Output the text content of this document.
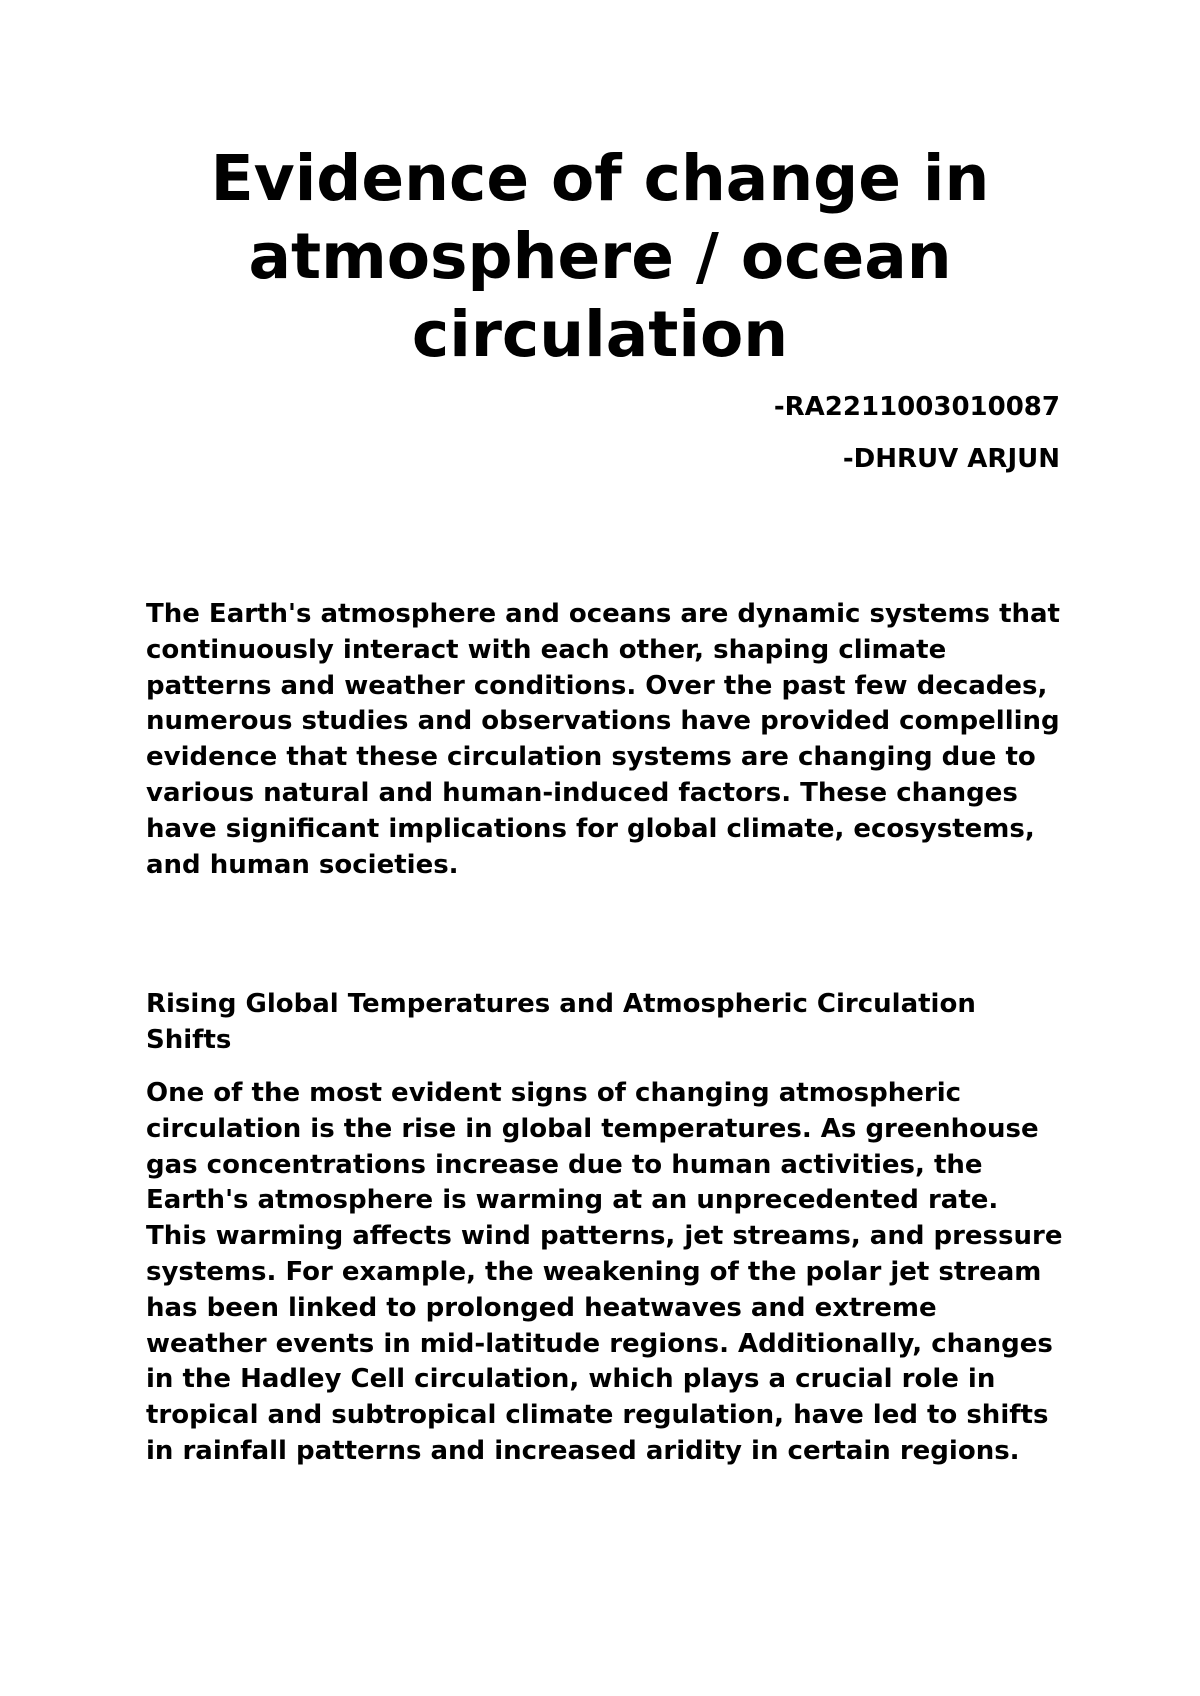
Evidence of change in atmosphere / ocean circulation

-RA2211003010087

-DHRUV ARJUN

The Earth's atmosphere and oceans are dynamic systems that continuously interact with each other, shaping climate patterns and weather conditions. Over the past few decades, numerous studies and observations have provided compelling evidence that these circulation systems are changing due to various natural and human-induced factors. These changes have significant implications for global climate, ecosystems, and human societies.

Rising Global Temperatures and Atmospheric Circulation Shifts

One of the most evident signs of changing atmospheric circulation is the rise in global temperatures. As greenhouse gas concentrations increase due to human activities, the Earth's atmosphere is warming at an unprecedented rate. This warming affects wind patterns, jet streams, and pressure systems. For example, the weakening of the polar jet stream has been linked to prolonged heatwaves and extreme weather events in mid-latitude regions. Additionally, changes in the Hadley Cell circulation, which plays a crucial role in tropical and subtropical climate regulation, have led to shifts in rainfall patterns and increased aridity in certain regions.
